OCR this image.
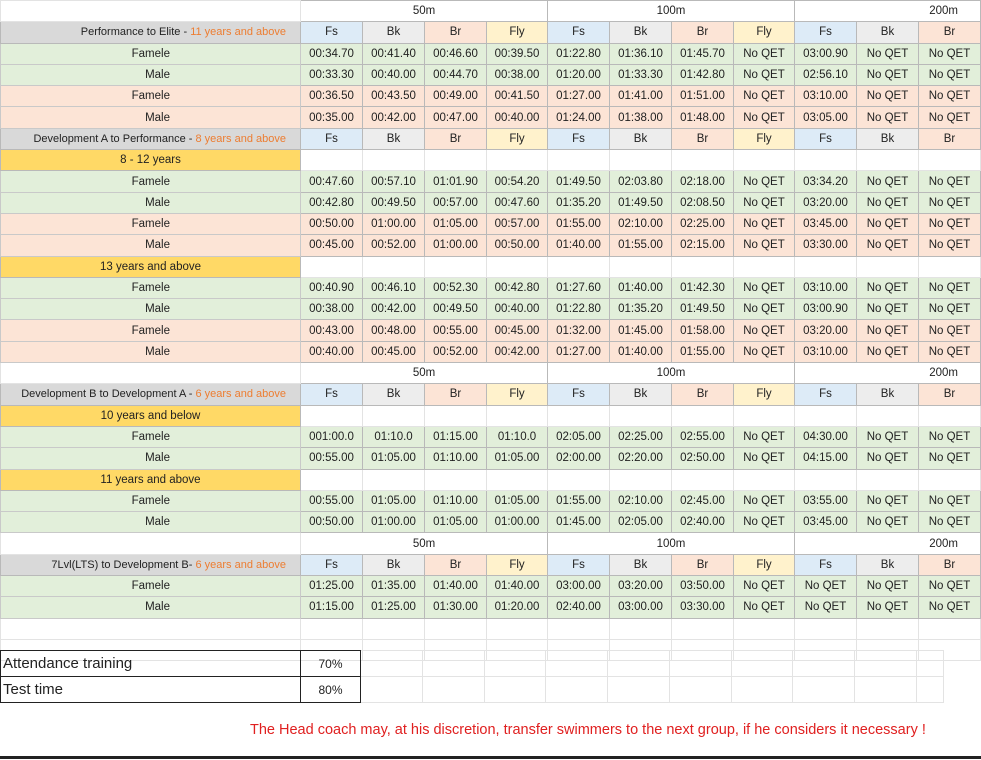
	50m				100m				200m		
Performance to Elite - 11 years and above	Fs	Bk	Br	Fly	Fs	Bk	Br	Fly	Fs	Bk	Br
Famele	00:34.70	00:41.40	00:46.60	00:39.50	01:22.80	01:36.10	01:45.70	No QET	03:00.90	No QET	No QET
Male	00:33.30	00:40.00	00:44.70	00:38.00	01:20.00	01:33.30	01:42.80	No QET	02:56.10	No QET	No QET
Famele	00:36.50	00:43.50	00:49.00	00:41.50	01:27.00	01:41.00	01:51.00	No QET	03:10.00	No QET	No QET
Male	00:35.00	00:42.00	00:47.00	00:40.00	01:24.00	01:38.00	01:48.00	No QET	03:05.00	No QET	No QET
Development A to Performance - 8 years and above	Fs	Bk	Br	Fly	Fs	Bk	Br	Fly	Fs	Bk	Br
8 - 12 years											
Famele	00:47.60	00:57.10	01:01.90	00:54.20	01:49.50	02:03.80	02:18.00	No QET	03:34.20	No QET	No QET
Male	00:42.80	00:49.50	00:57.00	00:47.60	01:35.20	01:49.50	02:08.50	No QET	03:20.00	No QET	No QET
Famele	00:50.00	01:00.00	01:05.00	00:57.00	01:55.00	02:10.00	02:25.00	No QET	03:45.00	No QET	No QET
Male	00:45.00	00:52.00	01:00.00	00:50.00	01:40.00	01:55.00	02:15.00	No QET	03:30.00	No QET	No QET
13 years and above											
Famele	00:40.90	00:46.10	00:52.30	00:42.80	01:27.60	01:40.00	01:42.30	No QET	03:10.00	No QET	No QET
Male	00:38.00	00:42.00	00:49.50	00:40.00	01:22.80	01:35.20	01:49.50	No QET	03:00.90	No QET	No QET
Famele	00:43.00	00:48.00	00:55.00	00:45.00	01:32.00	01:45.00	01:58.00	No QET	03:20.00	No QET	No QET
Male	00:40.00	00:45.00	00:52.00	00:42.00	01:27.00	01:40.00	01:55.00	No QET	03:10.00	No QET	No QET
	50m				100m				200m		
Development B to Development A - 6 years and above	Fs	Bk	Br	Fly	Fs	Bk	Br	Fly	Fs	Bk	Br
10 years and below											
Famele	001:00.0	01:10.0	01:15.00	01:10.0	02:05.00	02:25.00	02:55.00	No QET	04:30.00	No QET	No QET
Male	00:55.00	01:05.00	01:10.00	01:05.00	02:00.00	02:20.00	02:50.00	No QET	04:15.00	No QET	No QET
11 years and above											
Famele	00:55.00	01:05.00	01:10.00	01:05.00	01:55.00	02:10.00	02:45.00	No QET	03:55.00	No QET	No QET
Male	00:50.00	01:00.00	01:05.00	01:00.00	01:45.00	02:05.00	02:40.00	No QET	03:45.00	No QET	No QET
	50m				100m				200m		
7Lvl(LTS) to Development B- 6 years and above	Fs	Bk	Br	Fly	Fs	Bk	Br	Fly	Fs	Bk	Br
Famele	01:25.00	01:35.00	01:40.00	01:40.00	03:00.00	03:20.00	03:50.00	No QET	No QET	No QET	No QET
Male	01:15.00	01:25.00	01:30.00	01:20.00	02:40.00	03:00.00	03:30.00	No QET	No QET	No QET	No QET

Attendance training	70%										
Test time	80%										
The Head coach may, at his discretion, transfer swimmers to the next group, if he considers it necessary !
